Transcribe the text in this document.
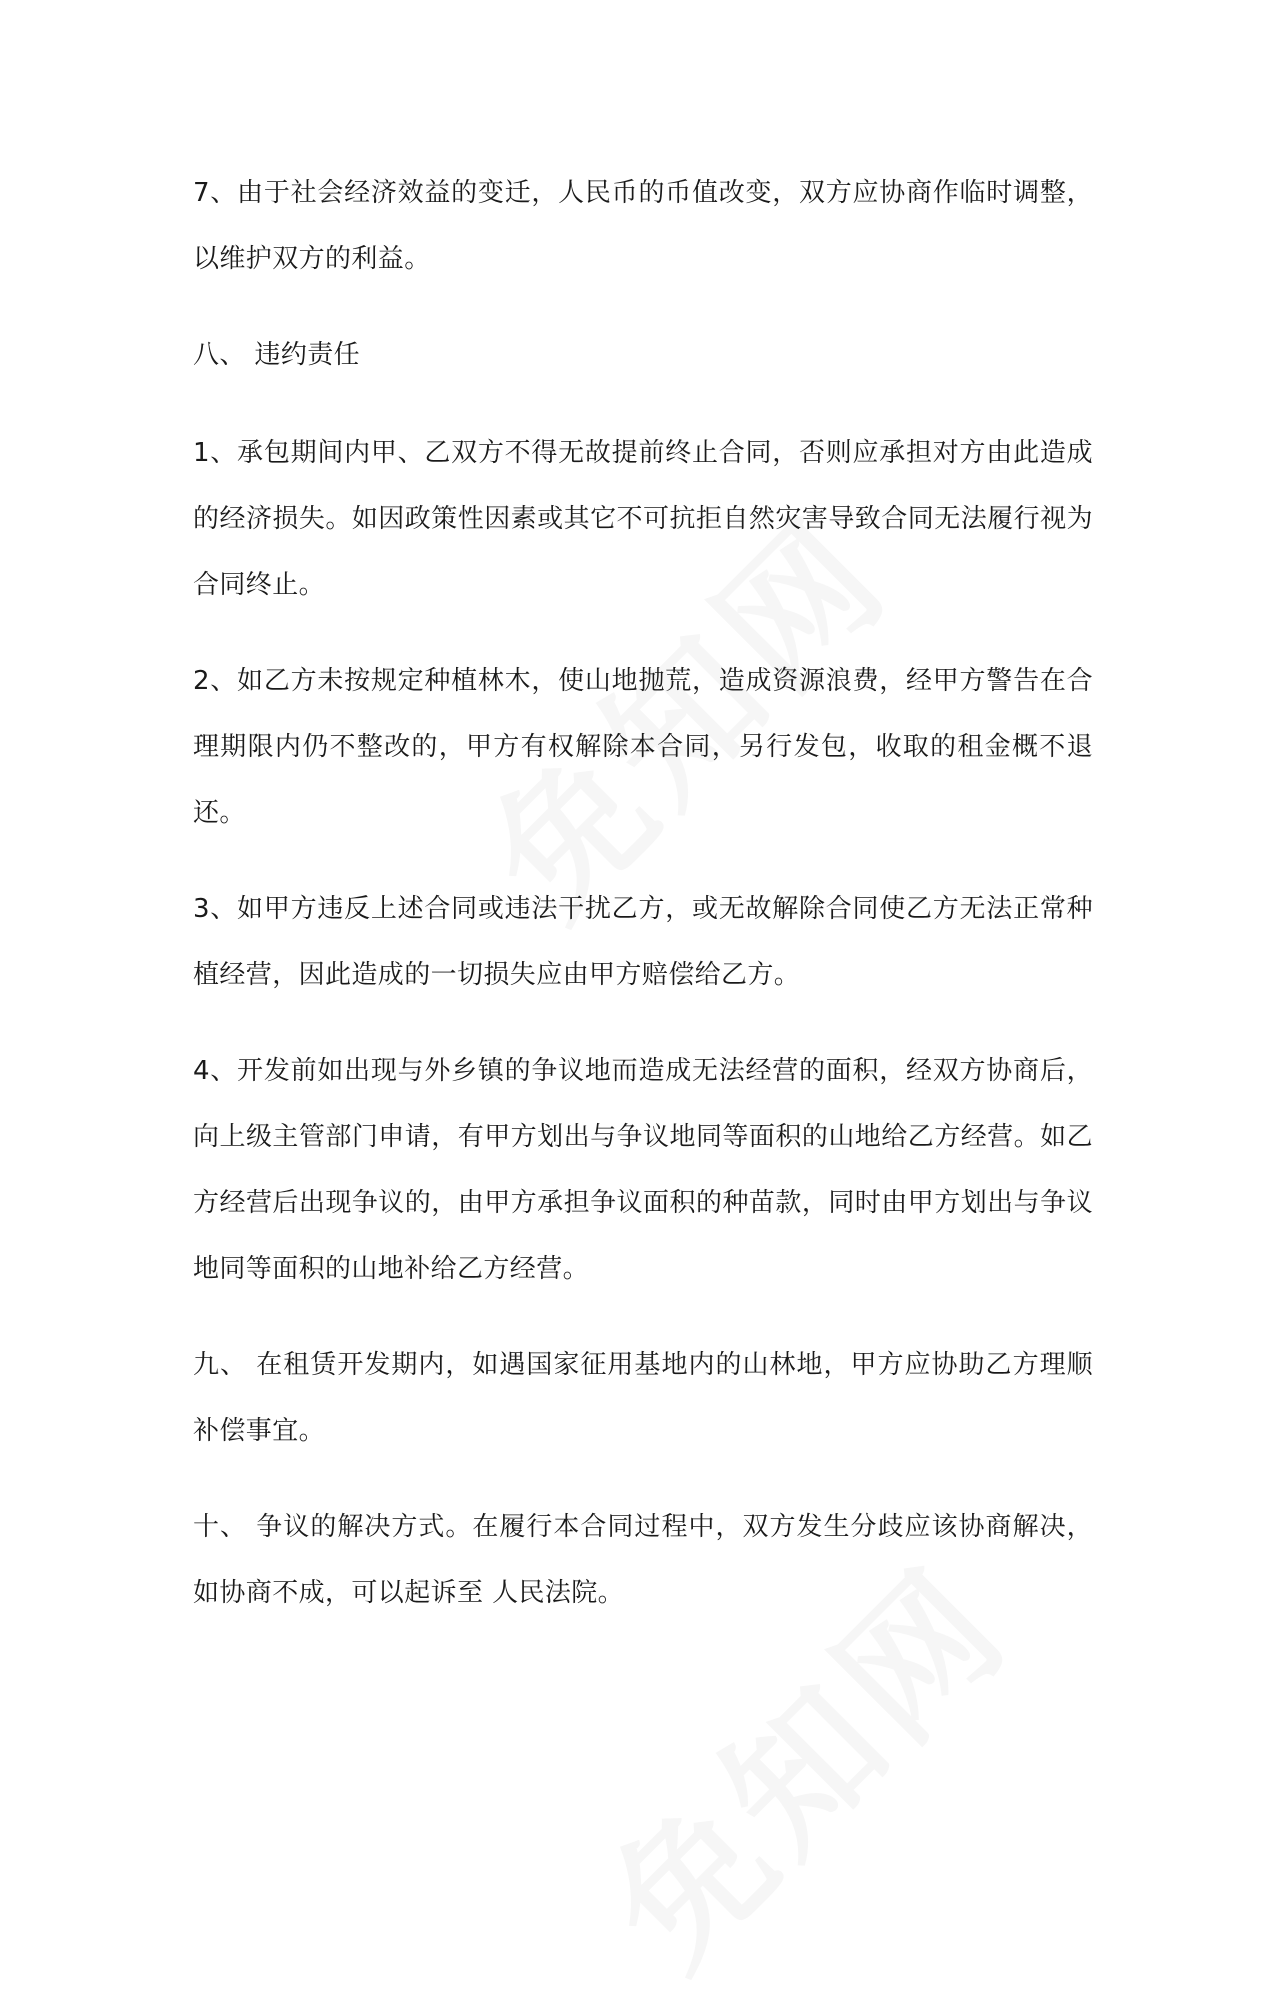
7、由于社会经济效益的变迁，人民币的币值改变，双方应协商作临时调整，以维护双方的利益。

八、 违约责任

1、承包期间内甲、乙双方不得无故提前终止合同，否则应承担对方由此造成的经济损失。如因政策性因素或其它不可抗拒自然灾害导致合同无法履行视为合同终止。

2、如乙方未按规定种植林木，使山地抛荒，造成资源浪费，经甲方警告在合理期限内仍不整改的，甲方有权解除本合同，另行发包，收取的租金概不退还。

3、如甲方违反上述合同或违法干扰乙方，或无故解除合同使乙方无法正常种植经营，因此造成的一切损失应由甲方赔偿给乙方。

4、开发前如出现与外乡镇的争议地而造成无法经营的面积，经双方协商后，向上级主管部门申请，有甲方划出与争议地同等面积的山地给乙方经营。如乙方经营后出现争议的，由甲方承担争议面积的种苗款，同时由甲方划出与争议地同等面积的山地补给乙方经营。

九、 在租赁开发期内，如遇国家征用基地内的山林地，甲方应协助乙方理顺补偿事宜。

十、 争议的解决方式。在履行本合同过程中，双方发生分歧应该协商解决，如协商不成，可以起诉至 人民法院。
